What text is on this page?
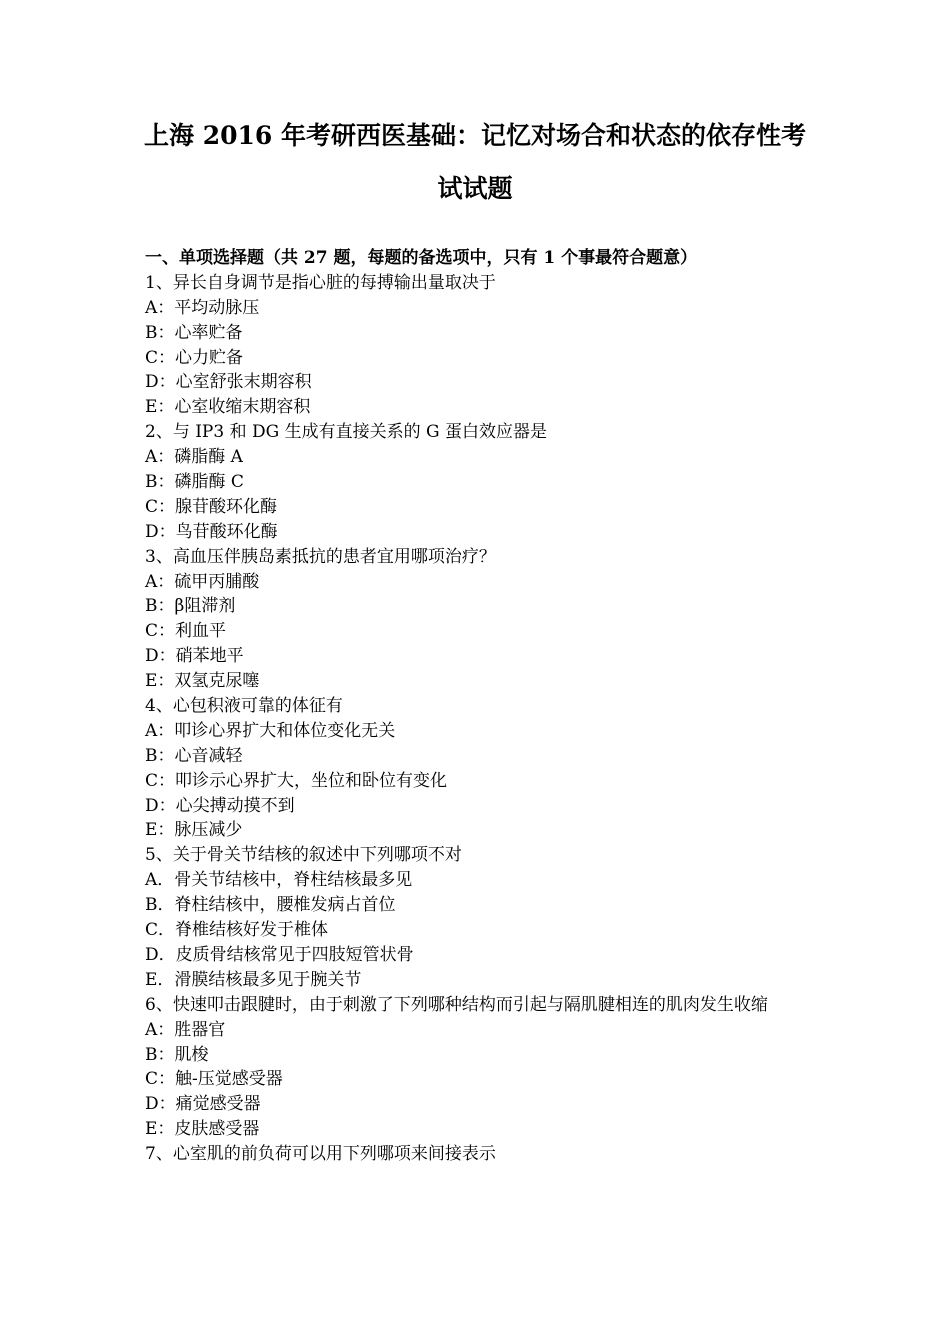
上海 2016 年考研西医基础：记忆对场合和状态的依存性考
试试题
一、单项选择题（共 27 题，每题的备选项中，只有 1 个事最符合题意）
1、异长自身调节是指心脏的每搏输出量取决于
A：平均动脉压
B：心率贮备
C：心力贮备
D：心室舒张末期容积
E：心室收缩末期容积
2、与 IP3 和 DG 生成有直接关系的 G 蛋白效应器是
A：磷脂酶 A
B：磷脂酶 C
C：腺苷酸环化酶
D：鸟苷酸环化酶
3、高血压伴胰岛素抵抗的患者宜用哪项治疗？
A：硫甲丙脯酸
B：β阻滞剂
C：利血平
D：硝苯地平
E：双氢克尿噻
4、心包积液可靠的体征有
A：叩诊心界扩大和体位变化无关
B：心音减轻
C：叩诊示心界扩大，坐位和卧位有变化
D：心尖搏动摸不到
E：脉压减少
5、关于骨关节结核的叙述中下列哪项不对
A．骨关节结核中，脊柱结核最多见
B．脊柱结核中，腰椎发病占首位
C．脊椎结核好发于椎体
D．皮质骨结核常见于四肢短管状骨
E．滑膜结核最多见于腕关节
6、快速叩击跟腱时，由于刺激了下列哪种结构而引起与隔肌腱相连的肌肉发生收缩
A：胜器官
B：肌梭
C：触-压觉感受器
D：痛觉感受器
E：皮肤感受器
7、心室肌的前负荷可以用下列哪项来间接表示
